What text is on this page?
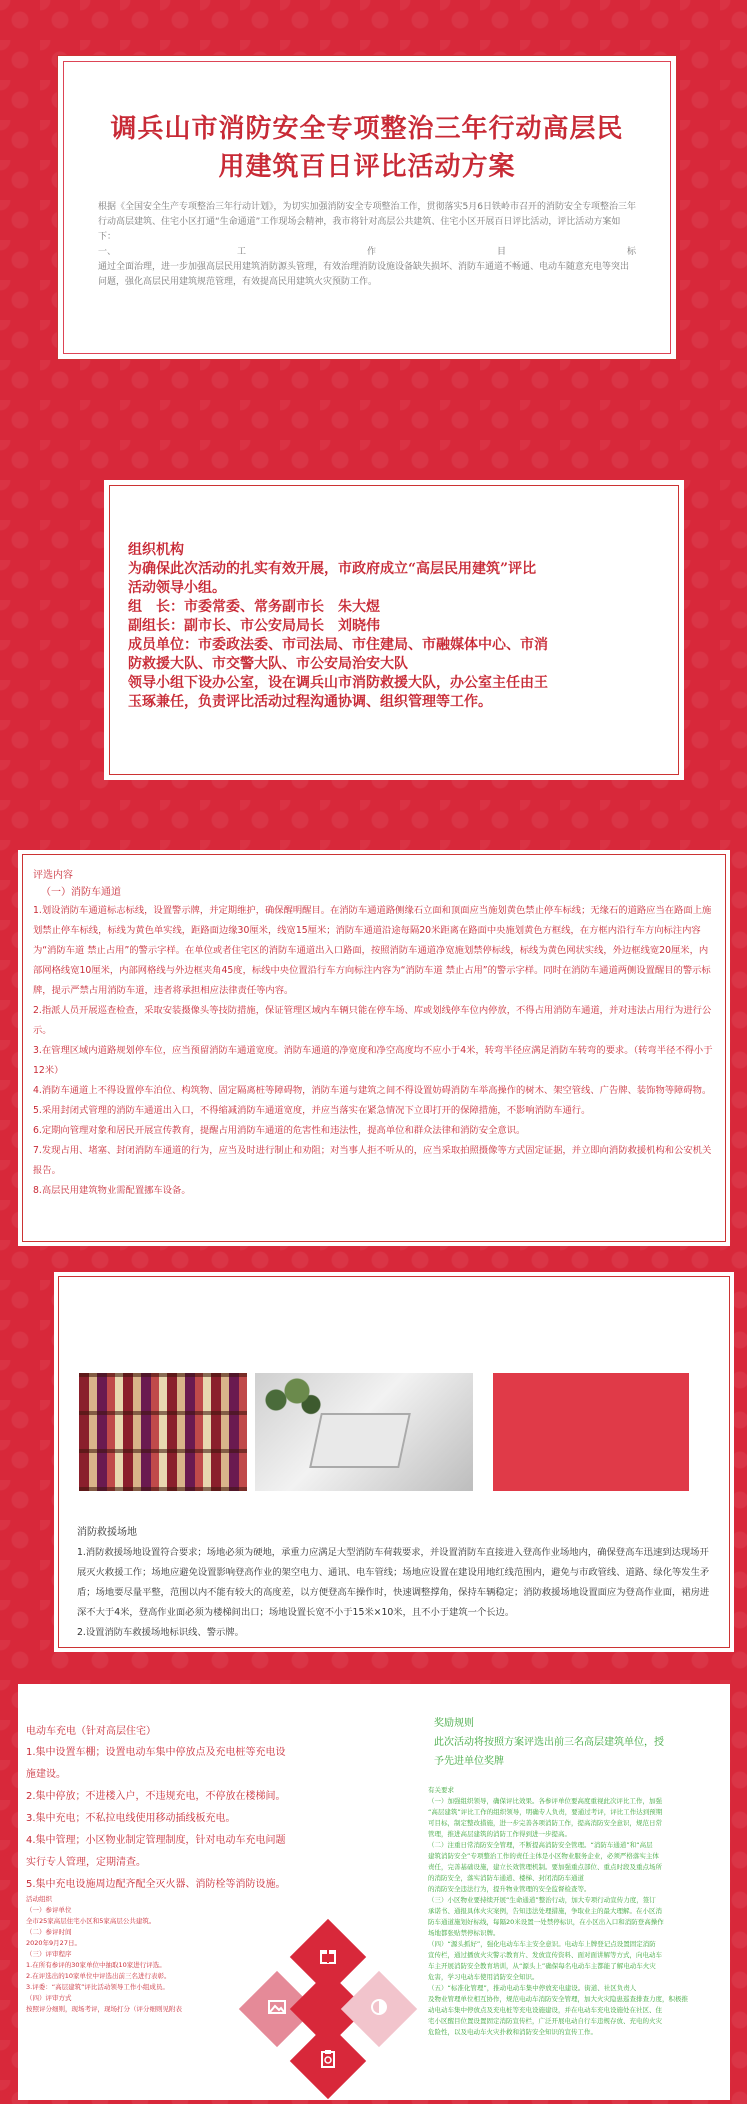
调兵山市消防安全专项整治三年行动高层民用建筑百日评比活动方案

根据《全国安全生产专项整治三年行动计划》，为切实加强消防安全专项整治工作，贯彻落实5月6日铁岭市召开的消防安全专项整治三年行动高层建筑、住宅小区打通“生命通道”工作现场会精神，我市将针对高层公共建筑、住宅小区开展百日评比活动，评比活动方案如下：

一、	工	作	目	标

通过全面治理，进一步加强高层民用建筑消防源头管理，有效治理消防设施设备缺失损坏、消防车通道不畅通、电动车随意充电等突出问题，强化高层民用建筑规范管理，有效提高民用建筑火灾预防工作。

组织机构
为确保此次活动的扎实有效开展，市政府成立“高层民用建筑”评比
活动领导小组。
组　长：市委常委、常务副市长　朱大煜
副组长：副市长、市公安局局长　刘晓伟
成员单位：市委政法委、市司法局、市住建局、市融媒体中心、市消
防救援大队、市交警大队、市公安局治安大队
领导小组下设办公室，设在调兵山市消防救援大队，办公室主任由王
玉琢兼任，负责评比活动过程沟通协调、组织管理等工作。
评选内容
（一）消防车通道

1.划设消防车通道标志标线，设置警示牌，并定期维护，确保醒明醒目。在消防车通道路侧缘石立面和顶面应当施划黄色禁止停车标线；无缘石的道路应当在路面上施划禁止停车标线，标线为黄色单实线，距路面边缘30厘米，线宽15厘米；消防车通道沿途每隔20米距离在路面中央施划黄色方框线，在方框内沿行车方向标注内容为“消防车道 禁止占用”的警示字样。在单位或者住宅区的消防车通道出入口路面，按照消防车通道净宽施划禁停标线，标线为黄色网状实线，外边框线宽20厘米，内部网格线宽10厘米，内部网格线与外边框夹角45度，标线中央位置沿行车方向标注内容为“消防车道 禁止占用”的警示字样。同时在消防车通道两侧设置醒目的警示标牌，提示严禁占用消防车道，违者将承担相应法律责任等内容。

2.指派人员开展巡查检查，采取安装摄像头等技防措施，保证管理区域内车辆只能在停车场、库或划线停车位内停放，不得占用消防车通道，并对违法占用行为进行公示。

3.在管理区域内道路规划停车位，应当预留消防车通道宽度。消防车通道的净宽度和净空高度均不应小于4米，转弯半径应满足消防车转弯的要求。（转弯半径不得小于12米）

4.消防车通道上不得设置停车泊位、构筑物、固定隔离桩等障碍物，消防车道与建筑之间不得设置妨碍消防车举高操作的树木、架空管线、广告牌、装饰物等障碍物。

5.采用封闭式管理的消防车通道出入口，不得缩减消防车通道宽度，并应当落实在紧急情况下立即打开的保障措施，不影响消防车通行。

6.定期向管理对象和居民开展宣传教育，提醒占用消防车通道的危害性和违法性，提高单位和群众法律和消防安全意识。

7.发现占用、堵塞、封闭消防车通道的行为，应当及时进行制止和劝阻；对当事人拒不听从的，应当采取拍照摄像等方式固定证据，并立即向消防救援机构和公安机关报告。

8.高层民用建筑物业需配置挪车设备。

消防救援场地

1.消防救援场地设置符合要求；场地必须为硬地，承重力应满足大型消防车荷载要求，并设置消防车直接进入登高作业场地内，确保登高车迅速到达现场开展灭火救援工作；场地应避免设置影响登高作业的架空电力、通讯、电车管线；场地应设置在建设用地红线范围内，避免与市政管线、道路、绿化等发生矛盾；场地要尽量平整，范围以内不能有较大的高度差，以方便登高车操作时，快速调整撑角，保持车辆稳定；消防救援场地设置面应为登高作业面，裙房进深不大于4米，登高作业面必须为楼梯间出口；场地设置长宽不小于15米×10米，且不小于建筑一个长边。

2.设置消防车救援场地标识线、警示牌。

电动车充电（针对高层住宅）
1.集中设置车棚；设置电动车集中停放点及充电桩等充电设
施建设。
2.集中停放；不进楼入户，不违规充电，不停放在楼梯间。
3.集中充电；不私拉电线使用移动插线板充电。
4.集中管理；小区物业制定管理制度，针对电动车充电问题
实行专人管理，定期清查。
5.集中充电设施周边配齐配全灭火器、消防栓等消防设施。
活动组织
（一）参评单位
全市25家高层住宅小区和5家高层公共建筑。
（二）参评时间
2020年9月27日。
（三）评审程序
1.在所有参评的30家单位中抽取10家进行评选。
2.在评选出的10家单位中评选出前三名进行表彰。
3.评委：“高层建筑”评比活动领导工作小组成员。
（四）评审方式
按照评分细则，现场考评，现场打分（评分细则见附表
奖励规则
此次活动将按照方案评选出前三名高层建筑单位，授
予先进单位奖牌
有关要求
（一）加强组织领导，确保评比效果。各参评单位要高度重视此次评比工作，加强
“高层建筑”评比工作的组织领导，明确专人负责，要通过考评，评比工作达到预期
可目标，制定整改措施，进一步完善各项消防工作，提高消防安全意识，规范日常
管理，推进高层建筑的消防工作得到进一步提高。
（二）注重日常消防安全管理，不断提高消防安全管理。“消防车通道”和“高层
建筑消防安全”专项整治工作的责任主体是小区物业服务企业，必须严格落实主体
责任，完善基础设施，建立长效管理机制。要加强重点部位、重点时段及重点场所
的消防安全，落实消防车通道、楼梯、封闭消防车通道
的消防安全违法行为，提升物业管理的安全监督检查等。
（三）小区物业要持续开展“生命通道”整治行动，加大专项行动宣传力度，签订
承诺书、通报具体火灾案例，告知违法处理措施，争取业主的最大理解。在小区消
防车通道施划好标线，每隔20米设置一处禁停标识，在小区出入口和消防登高操作
场地都张贴禁停标识牌。
（四）“源头抓好”，强化电动车车主安全意识。电动车上牌登记点设置固定消防
宣传栏，通过播放火灾警示教育片、发放宣传资料、面对面讲解等方式，向电动车
车主开展消防安全教育培训，从“源头上”确保每名电动车主都能了解电动车火灾
危害，学习电动车使用消防安全知识。
（五）“标准化管理”，推动电动车集中停放充电建设。街道、社区负责人
及物业管理单位相互协作，规范电动车消防安全管理，加大火灾隐患巡查排查力度，积极推
动电动车集中停放点及充电桩等充电设施建设，并在电动车充电设施处在社区、住
宅小区醒目位置设置固定消防宣传栏，广泛开展电动自行车违规存放、充电的火灾
危险性，以及电动车火灾扑救和消防安全知识的宣传工作。
